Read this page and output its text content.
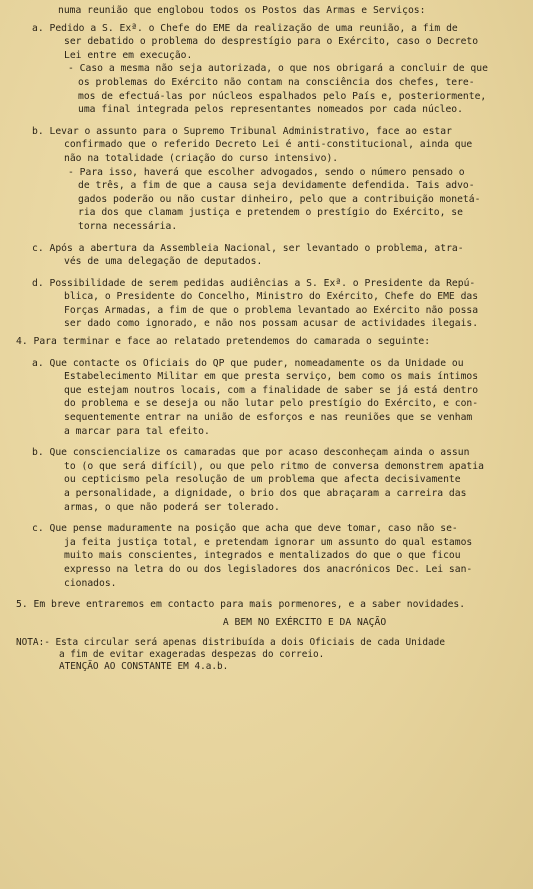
numa reunião que englobou todos os Postos das Armas e Serviços:
a. Pedido a S. Exª. o Chefe do EME da realização de uma reunião, a fim de
ser debatido o problema do desprestígio para o Exército, caso o Decreto
Lei entre em execução.
- Caso a mesma não seja autorizada, o que nos obrigará a concluir de que
os problemas do Exército não contam na consciência dos chefes, tere-
mos de efectuá-las por núcleos espalhados pelo País e, posteriormente,
uma final integrada pelos representantes nomeados por cada núcleo.
b. Levar o assunto para o Supremo Tribunal Administrativo, face ao estar
confirmado que o referido Decreto Lei é anti-constitucional, ainda que
não na totalidade (criação do curso intensivo).
- Para isso, haverá que escolher advogados, sendo o número pensado o
de três, a fim de que a causa seja devidamente defendida. Tais advo-
gados poderão ou não custar dinheiro, pelo que a contribuição monetá-
ria dos que clamam justiça e pretendem o prestígio do Exército, se
torna necessária.
c. Após a abertura da Assembleia Nacional, ser levantado o problema, atra-
vés de uma delegação de deputados.
d. Possibilidade de serem pedidas audiências a S. Exª. o Presidente da Repú-
blica, o Presidente do Concelho, Ministro do Exército, Chefe do EME das
Forças Armadas, a fim de que o problema levantado ao Exército não possa
ser dado como ignorado, e não nos possam acusar de actividades ilegais.
4. Para terminar e face ao relatado pretendemos do camarada o seguinte:
a. Que contacte os Oficiais do QP que puder, nomeadamente os da Unidade ou
Estabelecimento Militar em que presta serviço, bem como os mais íntimos
que estejam noutros locais, com a finalidade de saber se já está dentro
do problema e se deseja ou não lutar pelo prestígio do Exército, e con-
sequentemente entrar na união de esforços e nas reuniões que se venham
a marcar para tal efeito.
b. Que consciencialize os camaradas que por acaso desconheçam ainda o assun
to (o que será difícil), ou que pelo ritmo de conversa demonstrem apatia
ou cepticismo pela resolução de um problema que afecta decisivamente
a personalidade, a dignidade, o brio dos que abraçaram a carreira das
armas, o que não poderá ser tolerado.
c. Que pense maduramente na posição que acha que deve tomar, caso não se-
ja feita justiça total, e pretendam ignorar um assunto do qual estamos
muito mais conscientes, integrados e mentalizados do que o que ficou
expresso na letra do ou dos legisladores dos anacrónicos Dec. Lei san-
cionados.
5. Em breve entraremos em contacto para mais pormenores, e a saber novidades.
A BEM NO EXÉRCITO E DA NAÇÃO
NOTA:- Esta circular será apenas distribuída a dois Oficiais de cada Unidade
a fim de evitar exageradas despezas do correio.
ATENÇÃO AO CONSTANTE EM 4.a.b.
